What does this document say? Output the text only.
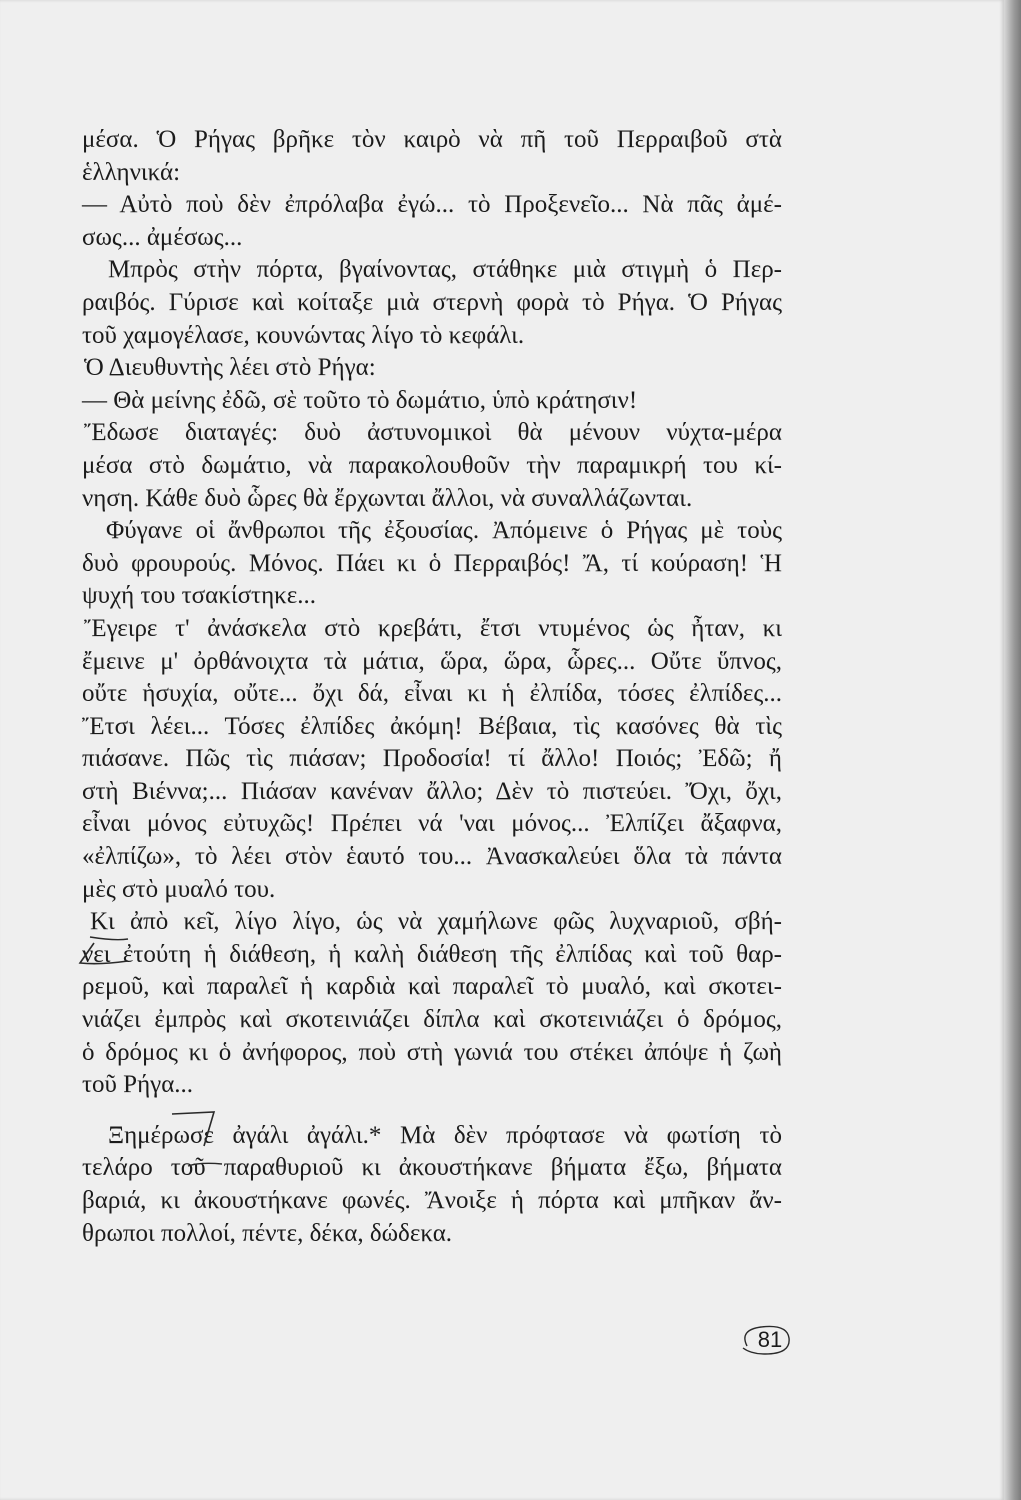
μέσα. Ὁ Ρήγας βρῆκε τὸν καιρὸ νὰ πῆ τοῦ Περραιβοῦ στὰ
ἑλληνικά:
— Αὐτὸ ποὺ δὲν ἐπρόλαβα ἐγώ... τὸ Προξενεῖο... Νὰ πᾶς ἀμέ-
σως... ἀμέσως...
Μπρὸς στὴν πόρτα, βγαίνοντας, στάθηκε μιὰ στιγμὴ ὁ Περ-
ραιβός. Γύρισε καὶ κοίταξε μιὰ στερνὴ φορὰ τὸ Ρήγα. Ὁ Ρήγας
τοῦ χαμογέλασε, κουνώντας λίγο τὸ κεφάλι.
Ὁ Διευθυντὴς λέει στὸ Ρήγα:
— Θὰ μείνης ἐδῶ, σὲ τοῦτο τὸ δωμάτιο, ὑπὸ κράτησιν!
Ἔδωσε διαταγές: δυὸ ἀστυνομικοὶ θὰ μένουν νύχτα-μέρα
μέσα στὸ δωμάτιο, νὰ παρακολουθοῦν τὴν παραμικρή του κί-
νηση. Κάθε δυὸ ὧρες θὰ ἔρχωνται ἄλλοι, νὰ συναλλάζωνται.
Φύγανε οἱ ἄνθρωποι τῆς ἐξουσίας. Ἀπόμεινε ὁ Ρήγας μὲ τοὺς
δυὸ φρουρούς. Μόνος. Πάει κι ὁ Περραιβός! Ἄ, τί κούραση! Ἡ
ψυχή του τσακίστηκε...
Ἔγειρε τ' ἀνάσκελα στὸ κρεβάτι, ἔτσι ντυμένος ὡς ἦταν, κι
ἔμεινε μ' ὀρθάνοιχτα τὰ μάτια, ὥρα, ὥρα, ὧρες... Οὔτε ὕπνος,
οὔτε ἡσυχία, οὔτε... ὄχι δά, εἶναι κι ἡ ἐλπίδα, τόσες ἐλπίδες...
Ἔτσι λέει... Τόσες ἐλπίδες ἀκόμη! Βέβαια, τὶς κασόνες θὰ τὶς
πιάσανε. Πῶς τὶς πιάσαν; Προδοσία! τί ἄλλο! Ποιός; Ἐδῶ; ἤ
στὴ Βιέννα;... Πιάσαν κανέναν ἄλλο; Δὲν τὸ πιστεύει. Ὄχι, ὄχι,
εἶναι μόνος εὐτυχῶς! Πρέπει νά 'ναι μόνος... Ἐλπίζει ἄξαφνα,
«ἐλπίζω», τὸ λέει στὸν ἑαυτό του... Ἀνασκαλεύει ὅλα τὰ πάντα
μὲς στὸ μυαλό του.
Κι ἀπὸ κεῖ, λίγο λίγο, ὡς νὰ χαμήλωνε φῶς λυχναριοῦ, σβή-
νει ἐτούτη ἡ διάθεση, ἡ καλὴ διάθεση τῆς ἐλπίδας καὶ τοῦ θαρ-
ρεμοῦ, καὶ παραλεῖ ἡ καρδιὰ καὶ παραλεῖ τὸ μυαλό, καὶ σκοτει-
νιάζει ἐμπρὸς καὶ σκοτεινιάζει δίπλα καὶ σκοτεινιάζει ὁ δρόμος,
ὁ δρόμος κι ὁ ἀνήφορος, ποὺ στὴ γωνιά του στέκει ἀπόψε ἡ ζωὴ
τοῦ Ρήγα...
Ξημέρωσε ἀγάλι ἀγάλι.* Μὰ δὲν πρόφτασε νὰ φωτίση τὸ
τελάρο τοῦ παραθυριοῦ κι ἀκουστήκανε βήματα ἔξω, βήματα
βαριά, κι ἀκουστήκανε φωνές. Ἄνοιξε ἡ πόρτα καὶ μπῆκαν ἄν-
θρωποι πολλοί, πέντε, δέκα, δώδεκα.
81
